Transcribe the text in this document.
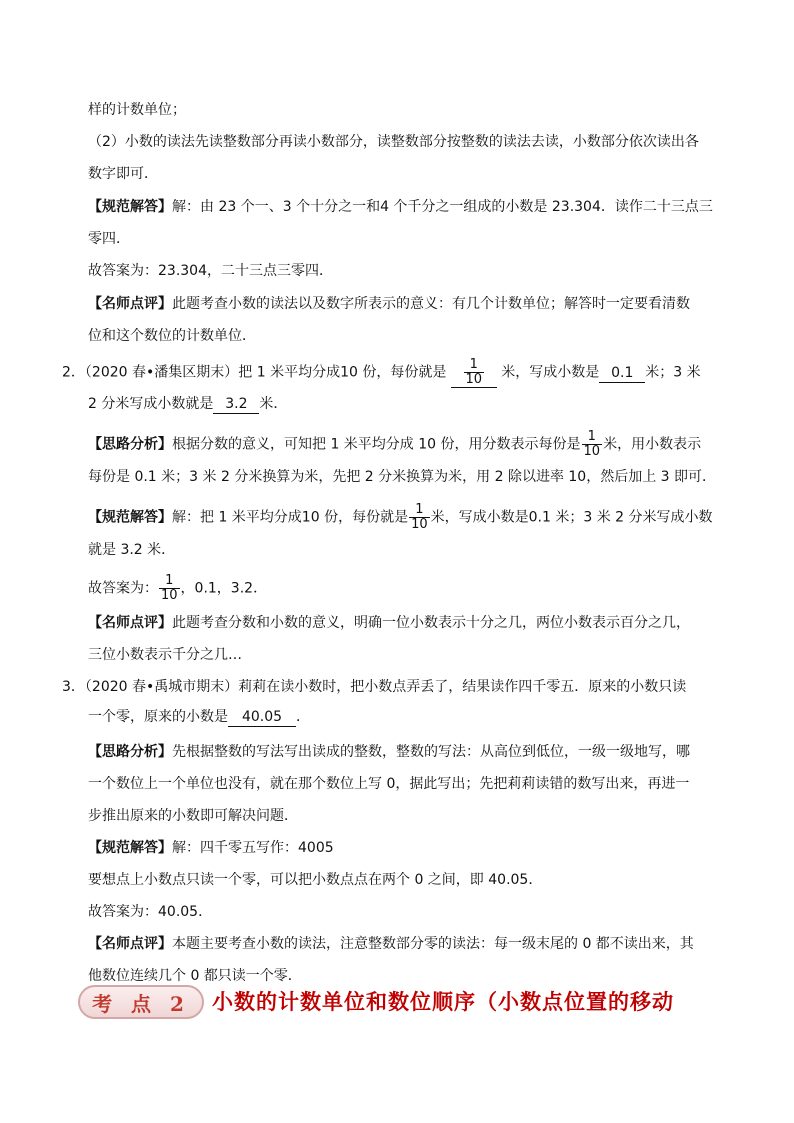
样的计数单位；
（2）小数的读法先读整数部分再读小数部分，读整数部分按整数的读法去读，小数部分依次读出各
数字即可．
【规范解答】解：由 23 个一、3 个十分之一和4 个千分之一组成的小数是 23.304．读作二十三点三
零四．
故答案为：23.304，二十三点三零四．
【名师点评】此题考查小数的读法以及数字所表示的意义：有几个计数单位；解答时一定要看清数
位和这个数位的计数单位．
2．（2020 春•潘集区期末）把 1 米平均分成10 份，每份就是 $\frac{1}{10}$ 米，写成小数是 0.1 米；3 米
2 分米写成小数就是 3.2 米．
【思路分析】根据分数的意义，可知把 1 米平均分成 10 份，用分数表示每份是 $\frac{1}{10}$ 米，用小数表示
每份是 0.1 米；3 米 2 分米换算为米，先把 2 分米换算为米，用 2 除以进率 10，然后加上 3 即可．
【规范解答】解：把 1 米平均分成10 份，每份就是 $\frac{1}{10}$ 米，写成小数是0.1 米；3 米 2 分米写成小数
就是 3.2 米．
故答案为： $\frac{1}{10}$ ，0.1，3.2．
【名师点评】此题考查分数和小数的意义，明确一位小数表示十分之几，两位小数表示百分之几，
三位小数表示千分之几…
3．（2020 春•禹城市期末）莉莉在读小数时，把小数点弄丢了，结果读作四千零五．原来的小数只读
一个零，原来的小数是 40.05 ．
【思路分析】先根据整数的写法写出读成的整数，整数的写法：从高位到低位，一级一级地写，哪
一个数位上一个单位也没有，就在那个数位上写 0，据此写出；先把莉莉读错的数写出来，再进一
步推出原来的小数即可解决问题．
【规范解答】解：四千零五写作：4005
要想点上小数点只读一个零，可以把小数点点在两个 0 之间，即 40.05．
故答案为：40.05．
【名师点评】本题主要考查小数的读法，注意整数部分零的读法：每一级末尾的 0 都不读出来，其
他数位连续几个 0 都只读一个零．
考 点 2 小数的计数单位和数位顺序（小数点位置的移动
